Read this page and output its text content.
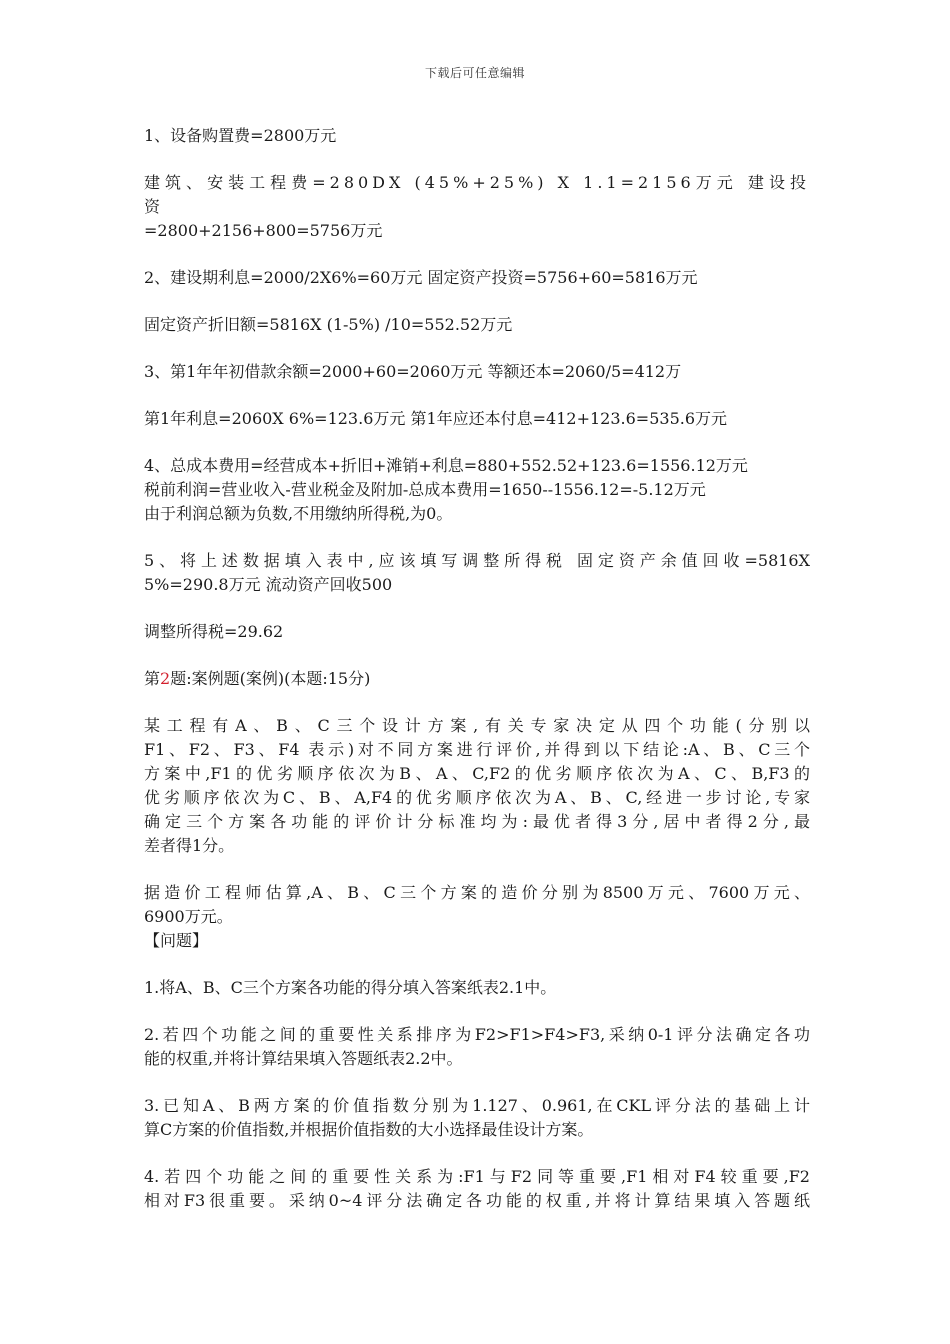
下载后可任意编辑

1、设备购置费=2800万元

建筑、安装工程费=280DX (45%+25%) X 1.1=2156万元 建设投资

=2800+2156+800=5756万元

2、建设期利息=2000/2X6%=60万元 固定资产投资=5756+60=5816万元

固定资产折旧额=5816X (1-5%) /10=552.52万元

3、第1年年初借款余额=2000+60=2060万元 等额还本=2060/5=412万

第1年利息=2060X 6%=123.6万元 第1年应还本付息=412+123.6=535.6万元

4、总成本费用=经营成本+折旧+滩销+利息=880+552.52+123.6=1556.12万元

税前利润=营业收入-营业税金及附加-总成本费用=1650--1556.12=-5.12万元

由于利润总额为负数,不用缴纳所得税,为0。

5、将上述数据填入表中,应该填写调整所得税 固定资产余值回收=5816X

5%=290.8万元 流动资产回收500

调整所得税=29.62

第2题:案例题(案例)(本题:15分)

某工程有A、B、C三个设计方案,有关专家决定从四个功能(分别以

F1、F2、F3、F4 表示)对不同方案进行评价,并得到以下结论:A、B、C三个

方案中,F1的优劣顺序依次为B、A、C,F2的优劣顺序依次为A、C、B,F3的

优劣顺序依次为C、B、A,F4的优劣顺序依次为A、B、C,经进一步讨论,专家

确定三个方案各功能的评价计分标准均为:最优者得3分,居中者得2分,最

差者得1分。

据造价工程师估算,A、B、C三个方案的造价分别为8500万元、7600万元、

6900万元。

【问题】

1.将A、B、C三个方案各功能的得分填入答案纸表2.1中。

2.若四个功能之间的重要性关系排序为F2>F1>F4>F3,采纳0-1评分法确定各功

能的权重,并将计算结果填入答题纸表2.2中。

3.已知A、B两方案的价值指数分别为1.127、0.961,在CKL评分法的基础上计

算C方案的价值指数,并根据价值指数的大小选择最佳设计方案。

4.若四个功能之间的重要性关系为:F1与F2同等重要,F1相对F4较重要,F2

相对F3很重要。采纳0~4评分法确定各功能的权重,并将计算结果填入答题纸
